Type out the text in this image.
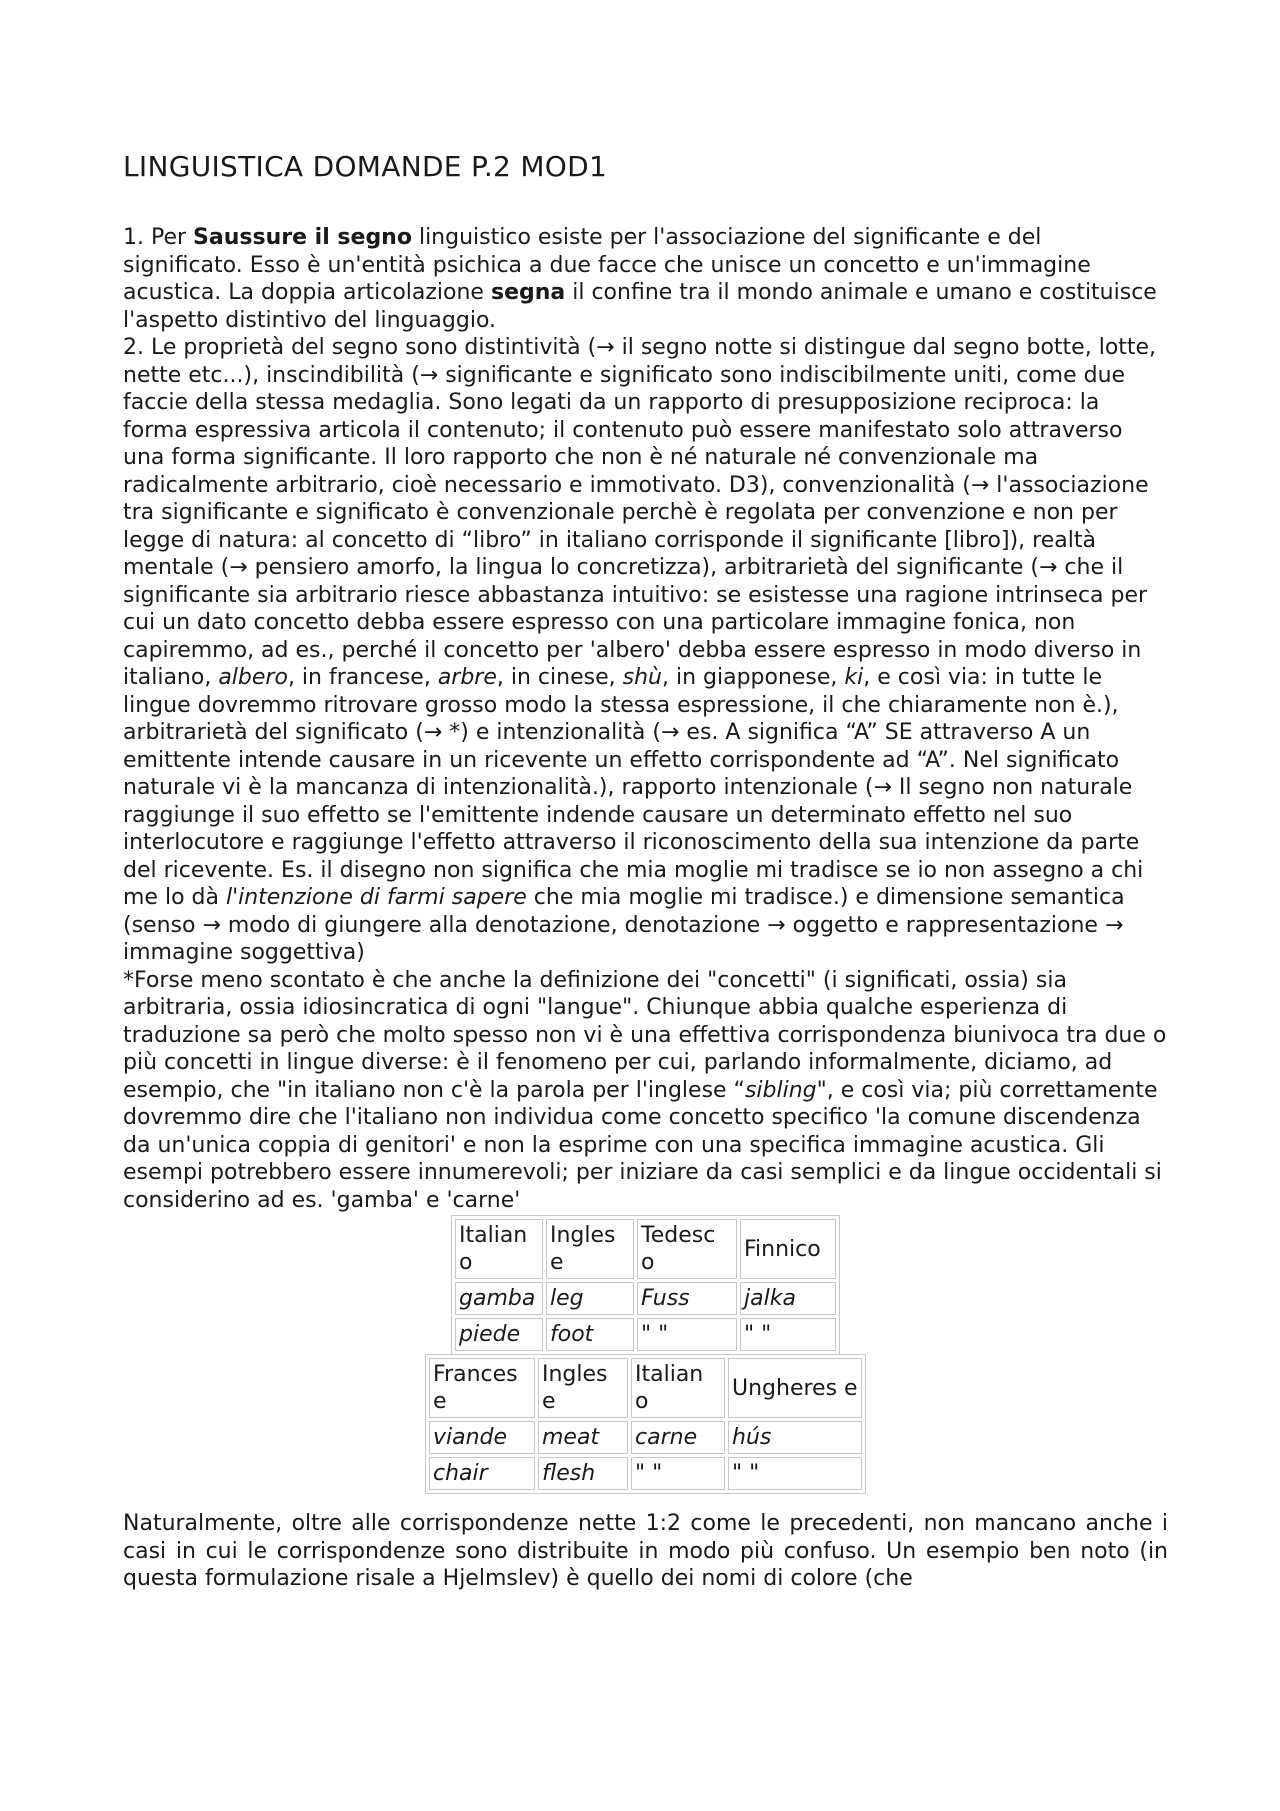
LINGUISTICA DOMANDE P.2 MOD1

1. Per Saussure il segno linguistico esiste per l'associazione del significante e del significato. Esso è un'entità psichica a due facce che unisce un concetto e un'immagine acustica. La doppia articolazione segna il confine tra il mondo animale e umano e costituisce l'aspetto distintivo del linguaggio.

2. Le proprietà del segno sono distintività (→ il segno notte si distingue dal segno botte, lotte, nette etc...), inscindibilità (→ significante e significato sono indiscibilmente uniti, come due faccie della stessa medaglia. Sono legati da un rapporto di presupposizione reciproca: la forma espressiva articola il contenuto; il contenuto può essere manifestato solo attraverso una forma significante. Il loro rapporto che non è né naturale né convenzionale ma radicalmente arbitrario, cioè necessario e immotivato. D3), convenzionalità (→ l'associazione tra significante e significato è convenzionale perchè è regolata per convenzione e non per legge di natura: al concetto di “libro” in italiano corrisponde il significante [libro]), realtà mentale (→ pensiero amorfo, la lingua lo concretizza), arbitrarietà del significante (→ che il significante sia arbitrario riesce abbastanza intuitivo: se esistesse una ragione intrinseca per cui un dato concetto debba essere espresso con una particolare immagine fonica, non capiremmo, ad es., perché il concetto per 'albero' debba essere espresso in modo diverso in italiano, albero, in francese, arbre, in cinese, shù, in giapponese, ki, e così via: in tutte le lingue dovremmo ritrovare grosso modo la stessa espressione, il che chiaramente non è.), arbitrarietà del significato (→ *) e intenzionalità (→ es. A significa “A” SE attraverso A un emittente intende causare in un ricevente un effetto corrispondente ad “A”. Nel significato naturale vi è la mancanza di intenzionalità.), rapporto intenzionale (→ Il segno non naturale raggiunge il suo effetto se l'emittente indende causare un determinato effetto nel suo interlocutore e raggiunge l'effetto attraverso il riconoscimento della sua intenzione da parte del ricevente. Es. il disegno non significa che mia moglie mi tradisce se io non assegno a chi me lo dà l'intenzione di farmi sapere che mia moglie mi tradisce.) e dimensione semantica (senso → modo di giungere alla denotazione, denotazione → oggetto e rappresentazione → immagine soggettiva)

*Forse meno scontato è che anche la definizione dei "concetti" (i significati, ossia) sia arbitraria, ossia idiosincratica di ogni "langue". Chiunque abbia qualche esperienza di traduzione sa però che molto spesso non vi è una effettiva corrispondenza biunivoca tra due o più concetti in lingue diverse: è il fenomeno per cui, parlando informalmente, diciamo, ad esempio, che "in italiano non c'è la parola per l'inglese “sibling", e così via; più correttamente dovremmo dire che l'italiano non individua come concetto specifico 'la comune discendenza da un'unica coppia di genitori' e non la esprime con una specifica immagine acustica. Gli esempi potrebbero essere innumerevoli; per iniziare da casi semplici e da lingue occidentali si considerino ad es. 'gamba' e 'carne'

Italian o	Ingles e	Tedesc o	Finnico
gamba	leg	Fuss	jalka
piede	foot	" "	" "
Frances e	Ingles e	Italian o	Ungheres e
viande	meat	carne	hús
chair	flesh	" "	" "

Naturalmente, oltre alle corrispondenze nette 1:2 come le precedenti, non mancano anche i casi in cui le corrispondenze sono distribuite in modo più confuso. Un esempio ben noto (in questa formulazione risale a Hjelmslev) è quello dei nomi di colore (che
